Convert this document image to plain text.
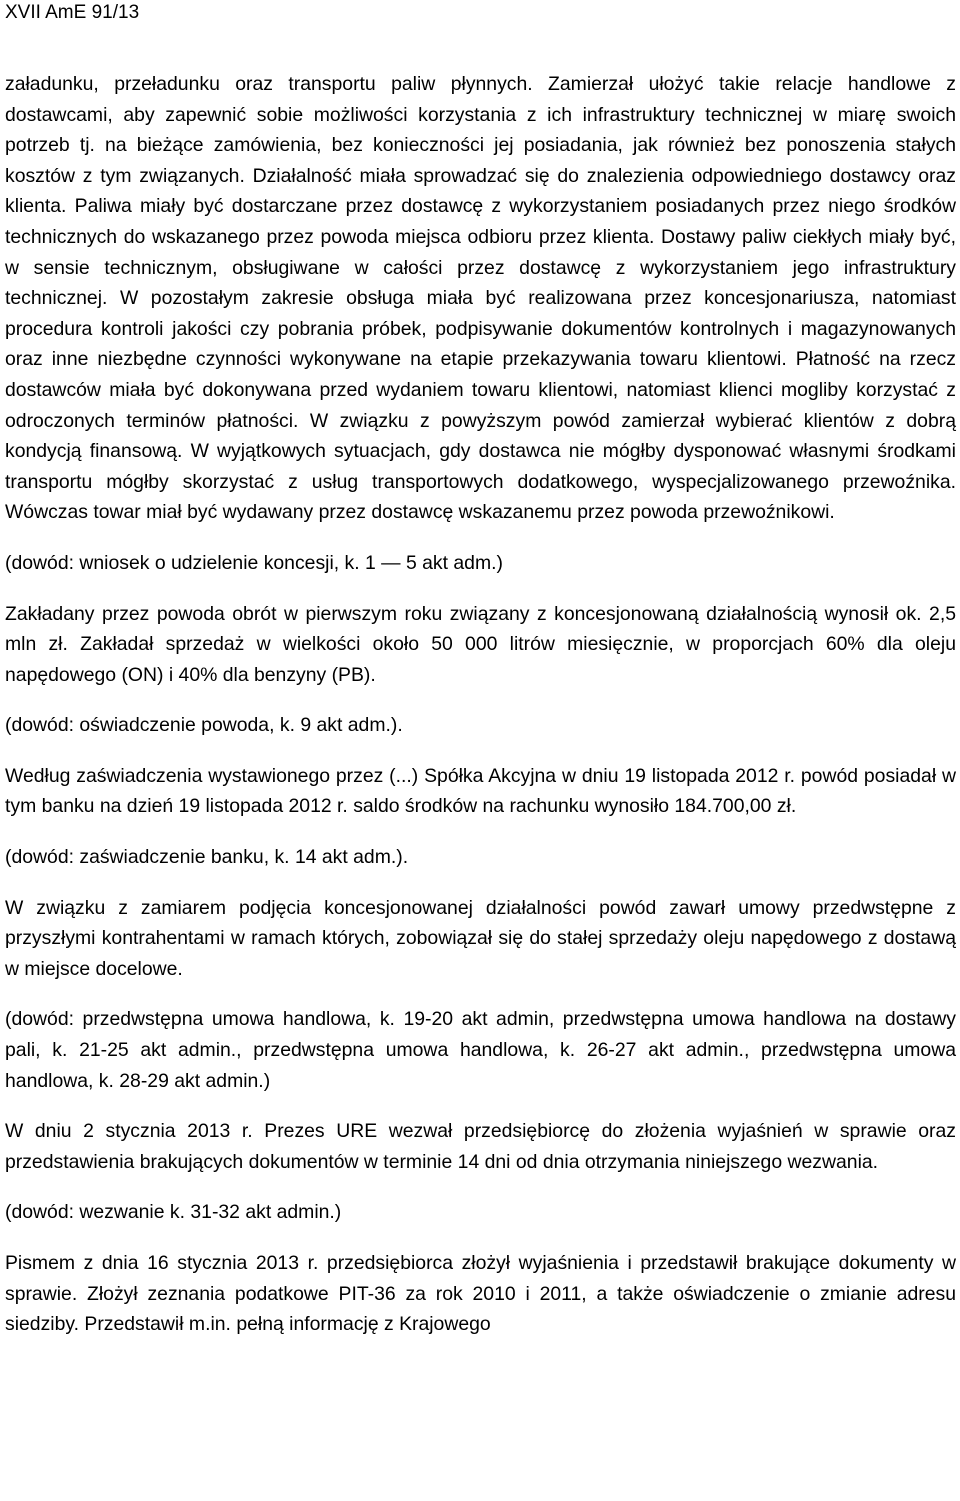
XVII AmE 91/13

załadunku, przeładunku oraz transportu paliw płynnych. Zamierzał ułożyć takie relacje handlowe z dostawcami, aby zapewnić sobie możliwości korzystania z ich infrastruktury technicznej w miarę swoich potrzeb tj. na bieżące zamówienia, bez konieczności jej posiadania, jak również bez ponoszenia stałych kosztów z tym związanych. Działalność miała sprowadzać się do znalezienia odpowiedniego dostawcy oraz klienta. Paliwa miały być dostarczane przez dostawcę z wykorzystaniem posiadanych przez niego środków technicznych do wskazanego przez powoda miejsca odbioru przez klienta. Dostawy paliw ciekłych miały być, w sensie technicznym, obsługiwane w całości przez dostawcę z wykorzystaniem jego infrastruktury technicznej. W pozostałym zakresie obsługa miała być realizowana przez koncesjonariusza, natomiast procedura kontroli jakości czy pobrania próbek, podpisywanie dokumentów kontrolnych i magazynowanych oraz inne niezbędne czynności wykonywane na etapie przekazywania towaru klientowi. Płatność na rzecz dostawców miała być dokonywana przed wydaniem towaru klientowi, natomiast klienci mogliby korzystać z odroczonych terminów płatności. W związku z powyższym powód zamierzał wybierać klientów z dobrą kondycją finansową. W wyjątkowych sytuacjach, gdy dostawca nie mógłby dysponować własnymi środkami transportu mógłby skorzystać z usług transportowych dodatkowego, wyspecjalizowanego przewoźnika. Wówczas towar miał być wydawany przez dostawcę wskazanemu przez powoda przewoźnikowi.

(dowód: wniosek o udzielenie koncesji, k. 1 — 5 akt adm.)

Zakładany przez powoda obrót w pierwszym roku związany z koncesjonowaną działalnością wynosił ok. 2,5 mln zł. Zakładał sprzedaż w wielkości około 50 000 litrów miesięcznie, w proporcjach 60% dla oleju napędowego (ON) i 40% dla benzyny (PB).

(dowód: oświadczenie powoda, k. 9 akt adm.).

Według zaświadczenia wystawionego przez (...) Spółka Akcyjna w dniu 19 listopada 2012 r. powód posiadał w tym banku na dzień 19 listopada 2012 r. saldo środków na rachunku wynosiło 184.700,00 zł.

(dowód: zaświadczenie banku, k. 14 akt adm.).

W związku z zamiarem podjęcia koncesjonowanej działalności powód zawarł umowy przedwstępne z przyszłymi kontrahentami w ramach których, zobowiązał się do stałej sprzedaży oleju napędowego z dostawą w miejsce docelowe.

(dowód: przedwstępna umowa handlowa, k. 19-20 akt admin, przedwstępna umowa handlowa na dostawy pali, k. 21-25 akt admin., przedwstępna umowa handlowa, k. 26-27 akt admin., przedwstępna umowa handlowa, k. 28-29 akt admin.)

W dniu 2 stycznia 2013 r. Prezes URE wezwał przedsiębiorcę do złożenia wyjaśnień w sprawie oraz przedstawienia brakujących dokumentów w terminie 14 dni od dnia otrzymania niniejszego wezwania.

(dowód: wezwanie k. 31-32 akt admin.)

Pismem z dnia 16 stycznia 2013 r. przedsiębiorca złożył wyjaśnienia i przedstawił brakujące dokumenty w sprawie. Złożył zeznania podatkowe PIT-36 za rok 2010 i 2011, a także oświadczenie o zmianie adresu siedziby. Przedstawił m.in. pełną informację z Krajowego
